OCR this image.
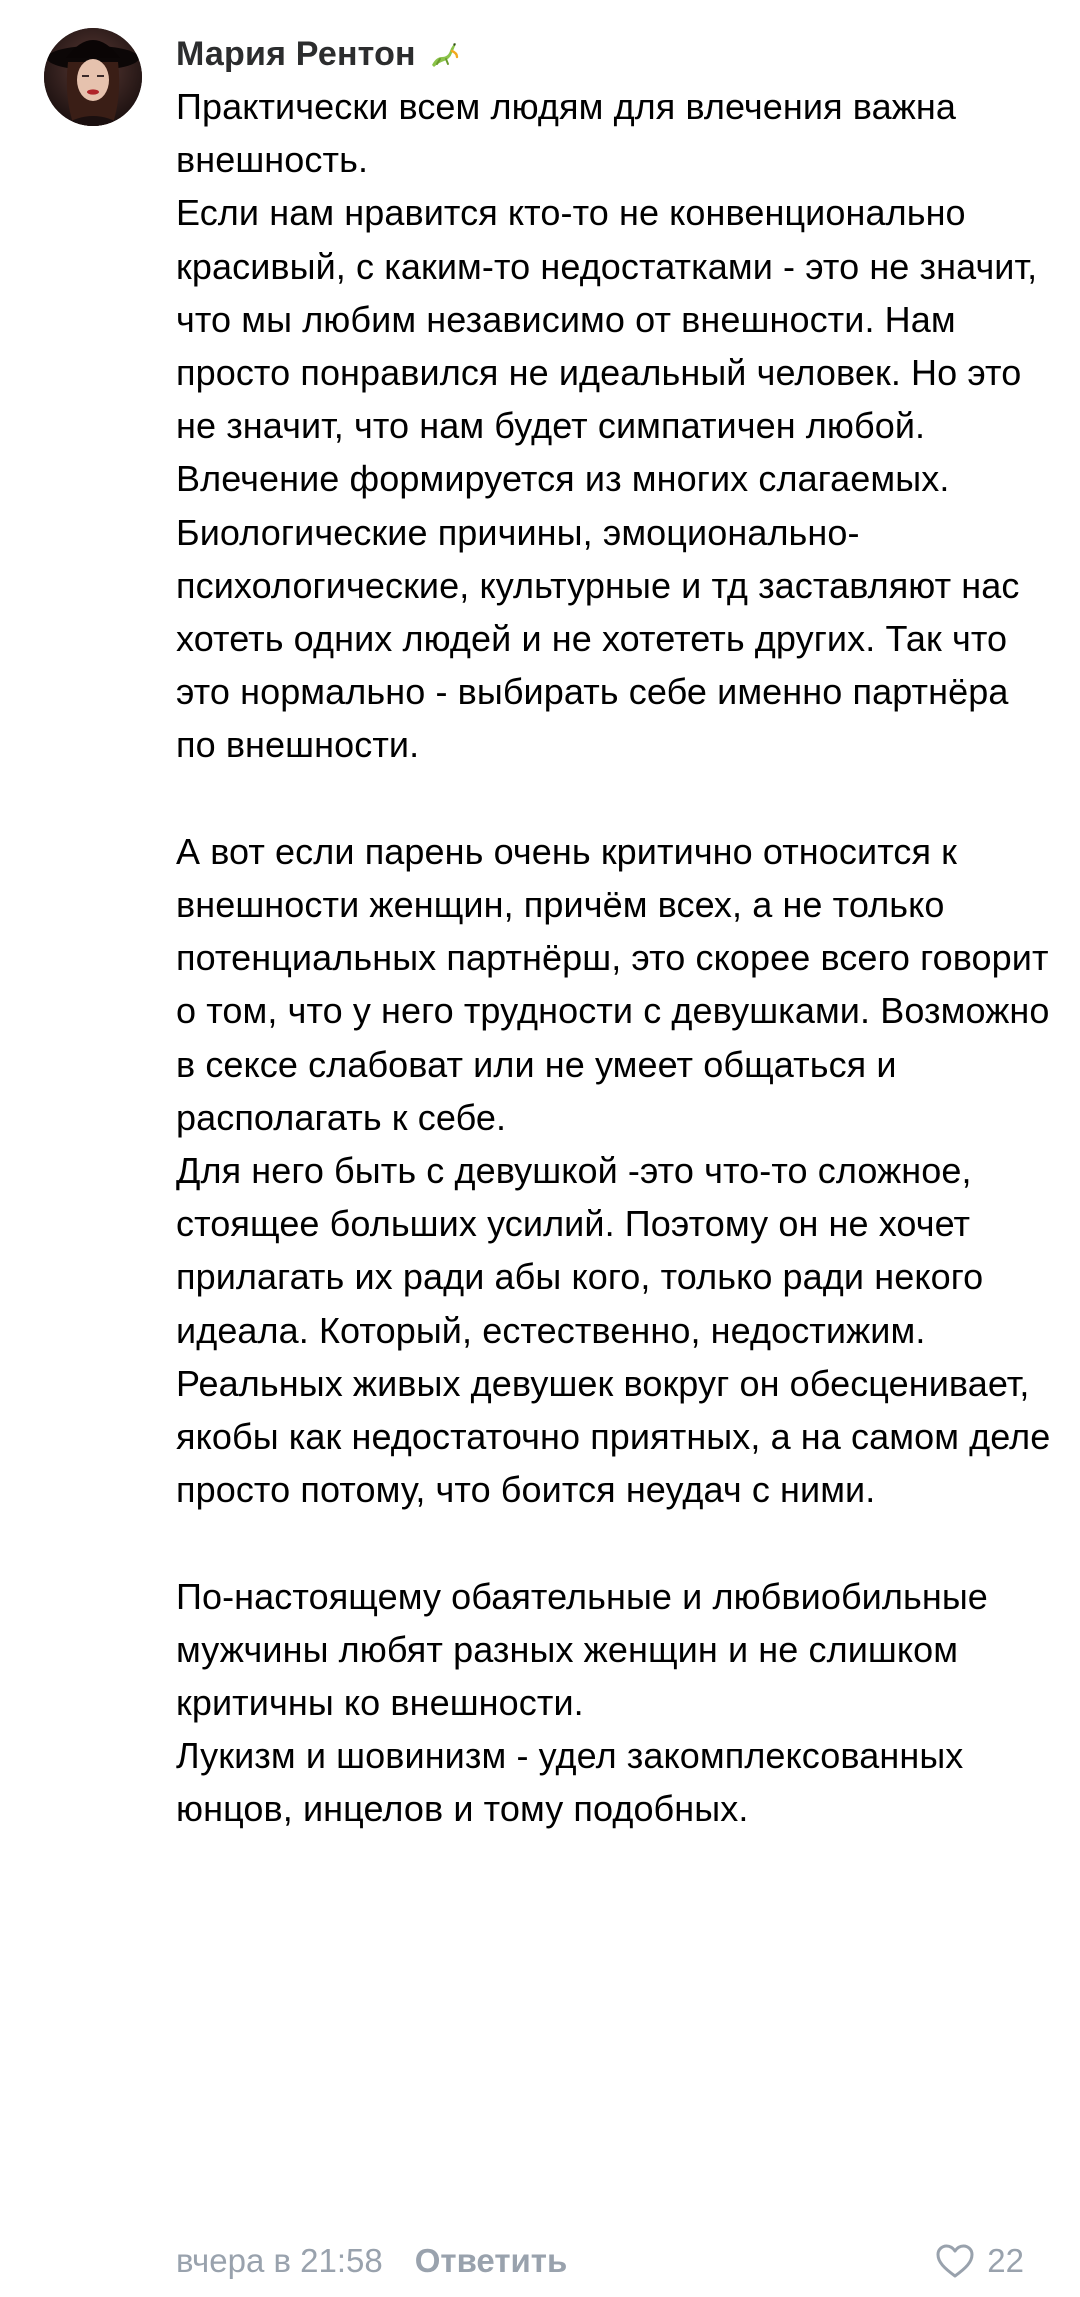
Мария Рентон

Практически всем людям для влечения важна внешность.

Если нам нравится кто-то не конвенционально красивый, с каким-то недостатками - это не значит, что мы любим независимо от внешности. Нам просто понравился не идеальный человек. Но это не значит, что нам будет симпатичен любой.

Влечение формируется из многих слагаемых. Биологические причины, эмоционально-психологические, культурные и тд заставляют нас хотеть одних людей и не хотететь других. Так что это нормально - выбирать себе именно партнёра по внешности.

А вот если парень очень критично относится к внешности женщин, причём всех, а не только потенциальных партнёрш, это скорее всего говорит о том, что у него трудности с девушками. Возможно в сексе слабоват или не умеет общаться и располагать к себе.

Для него быть с девушкой -это что-то сложное, стоящее больших усилий. Поэтому он не хочет прилагать их ради абы кого, только ради некого идеала. Который, естественно, недостижим. Реальных живых девушек вокруг он обесценивает, якобы как недостаточно приятных, а на самом деле просто потому, что боится неудач с ними.

По-настоящему обаятельные и любвиобильные мужчины любят разных женщин и не слишком критичны ко внешности.

Лукизм и шовинизм - удел закомплексованных юнцов, инцелов и тому подобных.

вчера в 21:58 Ответить	22
